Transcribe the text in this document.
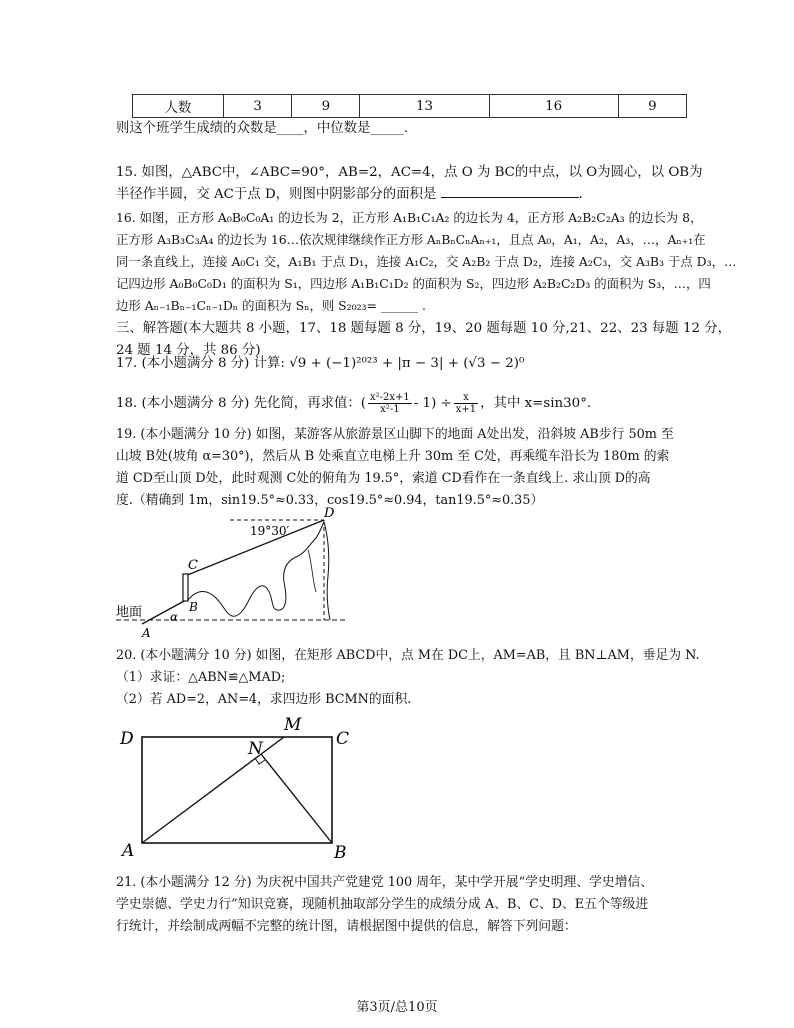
人数	3	9	13	16	9
则这个班学生成绩的众数是____，中位数是_____.
15. 如图，△ABC中，∠ABC=90°，AB=2，AC=4，点 O 为 BC的中点，以 O为圆心，以 OB为
半径作半圆，交 AC于点 D，则图中阴影部分的面积是	.
16. 如图，正方形 A₀B₀C₀A₁ 的边长为 2，正方形 A₁B₁C₁A₂ 的边长为 4，正方形 A₂B₂C₂A₃ 的边长为 8，
正方形 A₃B₃C₃A₄ 的边长为 16…依次规律继续作正方形 AₙBₙCₙAₙ₊₁，且点 A₀，A₁，A₂，A₃，…，Aₙ₊₁在
同一条直线上，连接 A₀C₁ 交，A₁B₁ 于点 D₁，连接 A₁C₂，交 A₂B₂ 于点 D₂，连接 A₂C₃，交 A₃B₃ 于点 D₃，…
记四边形 A₀B₀C₀D₁ 的面积为 S₁，四边形 A₁B₁C₁D₂ 的面积为 S₂，四边形 A₂B₂C₂D₃ 的面积为 S₃，…，四
边形 Aₙ₋₁Bₙ₋₁Cₙ₋₁Dₙ 的面积为 Sₙ，则 S₂₀₂₃= ______ .
三、解答题(本大题共 8 小题，17、18 题每题 8 分，19、20 题每题 10 分,21、22、23 每题 12 分，
24 题 14 分，共 86 分)

17. (本小题满分 8 分) 计算: √9 + (−1)²⁰²³ + |π − 3| + (√3 − 2)⁰
18. (本小题满分 8 分) 先化简，再求值：( $\frac{\text{x²-2x+1}}{\text{x²-1}} - 1) \div \frac{x}{x+1}$ ，其中 x=sin30°.
19. (本小题满分 10 分) 如图，某游客从旅游景区山脚下的地面 A处出发，沿斜坡 AB步行 50m 至
山坡 B处(坡角 α=30°)，然后从 B 处乘直立电梯上升 30m 至 C处，再乘缆车沿长为 180m 的索
道 CD至山顶 D处，此时观测 C处的俯角为 19.5°，索道 CD看作在一条直线上. 求山顶 D的高
度.（精确到 1m，sin19.5°≈0.33，cos19.5°≈0.94，tan19.5°≈0.35）
19°30′
D
C
B
A
α
地面
20. (本小题满分 10 分) 如图，在矩形 ABCD中，点 M在 DC上，AM=AB，且 BN⊥AM，垂足为 N.
（1）求证：△ABN≌△MAD;
（2）若 AD=2，AN=4，求四边形 BCMN的面积.
D
M
C
N
A	B
21. (本小题满分 12 分) 为庆祝中国共产党建党 100 周年，某中学开展“学史明理、学史增信、
学史崇德、学史力行”知识竞赛，现随机抽取部分学生的成绩分成 A、B、C、D、E五个等级进
行统计，并绘制成两幅不完整的统计图，请根据图中提供的信息，解答下列问题：
第3页/总10页
